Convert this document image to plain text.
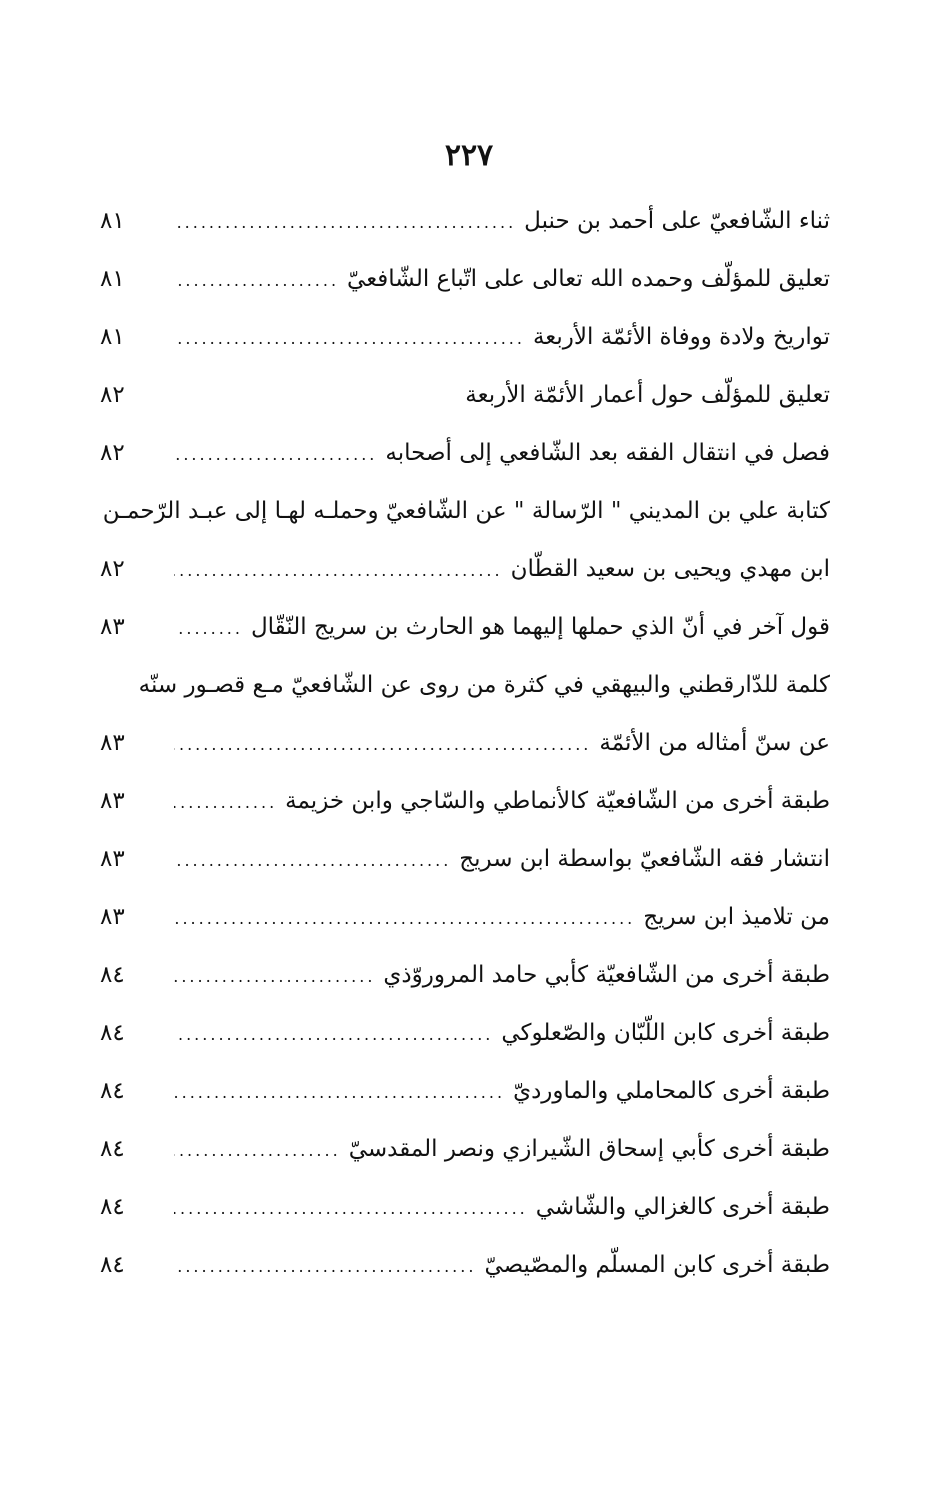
٢٢٧
ثناء الشّافعيّ على أحمد بن حنبل
.....
٨١
تعليق للمؤلّف وحمده الله تعالى على اتّباع الشّافعيّ
.....
٨١
تواريخ ولادة ووفاة الأئمّة الأربعة
.....
٨١
تعليق للمؤلّف حول أعمار الأئمّة الأربعة
٨٢
فصل في انتقال الفقه بعد الشّافعي إلى أصحابه
.....
٨٢
كتابة علي بن المديني " الرّسالة " عن الشّافعيّ وحملـه لهـا إلى عبـد الرّحمـن
ابن مهدي ويحيى بن سعيد القطّان
.....
٨٢
قول آخر في أنّ الذي حملها إليهما هو الحارث بن سريج النّقّال
.....
٨٣
كلمة للدّارقطني والبيهقي في كثرة من روى عن الشّافعيّ مـع قصـور سنّه
عن سنّ أمثاله من الأئمّة
.....
٨٣
طبقة أخرى من الشّافعيّة كالأنماطي والسّاجي وابن خزيمة
.....
٨٣
انتشار فقه الشّافعيّ بواسطة ابن سريج
.....
٨٣
من تلاميذ ابن سريج
.....
٨٣
طبقة أخرى من الشّافعيّة كأبي حامد المروروّذي
.....
٨٤
طبقة أخرى كابن اللّبّان والصّعلوكي
.....
٨٤
طبقة أخرى كالمحاملي والماورديّ
.....
٨٤
طبقة أخرى كأبي إسحاق الشّيرازي ونصر المقدسيّ
.....
٨٤
طبقة أخرى كالغزالي والشّاشي
.....
٨٤
طبقة أخرى كابن المسلّم والمصّيصيّ
.....
٨٤
